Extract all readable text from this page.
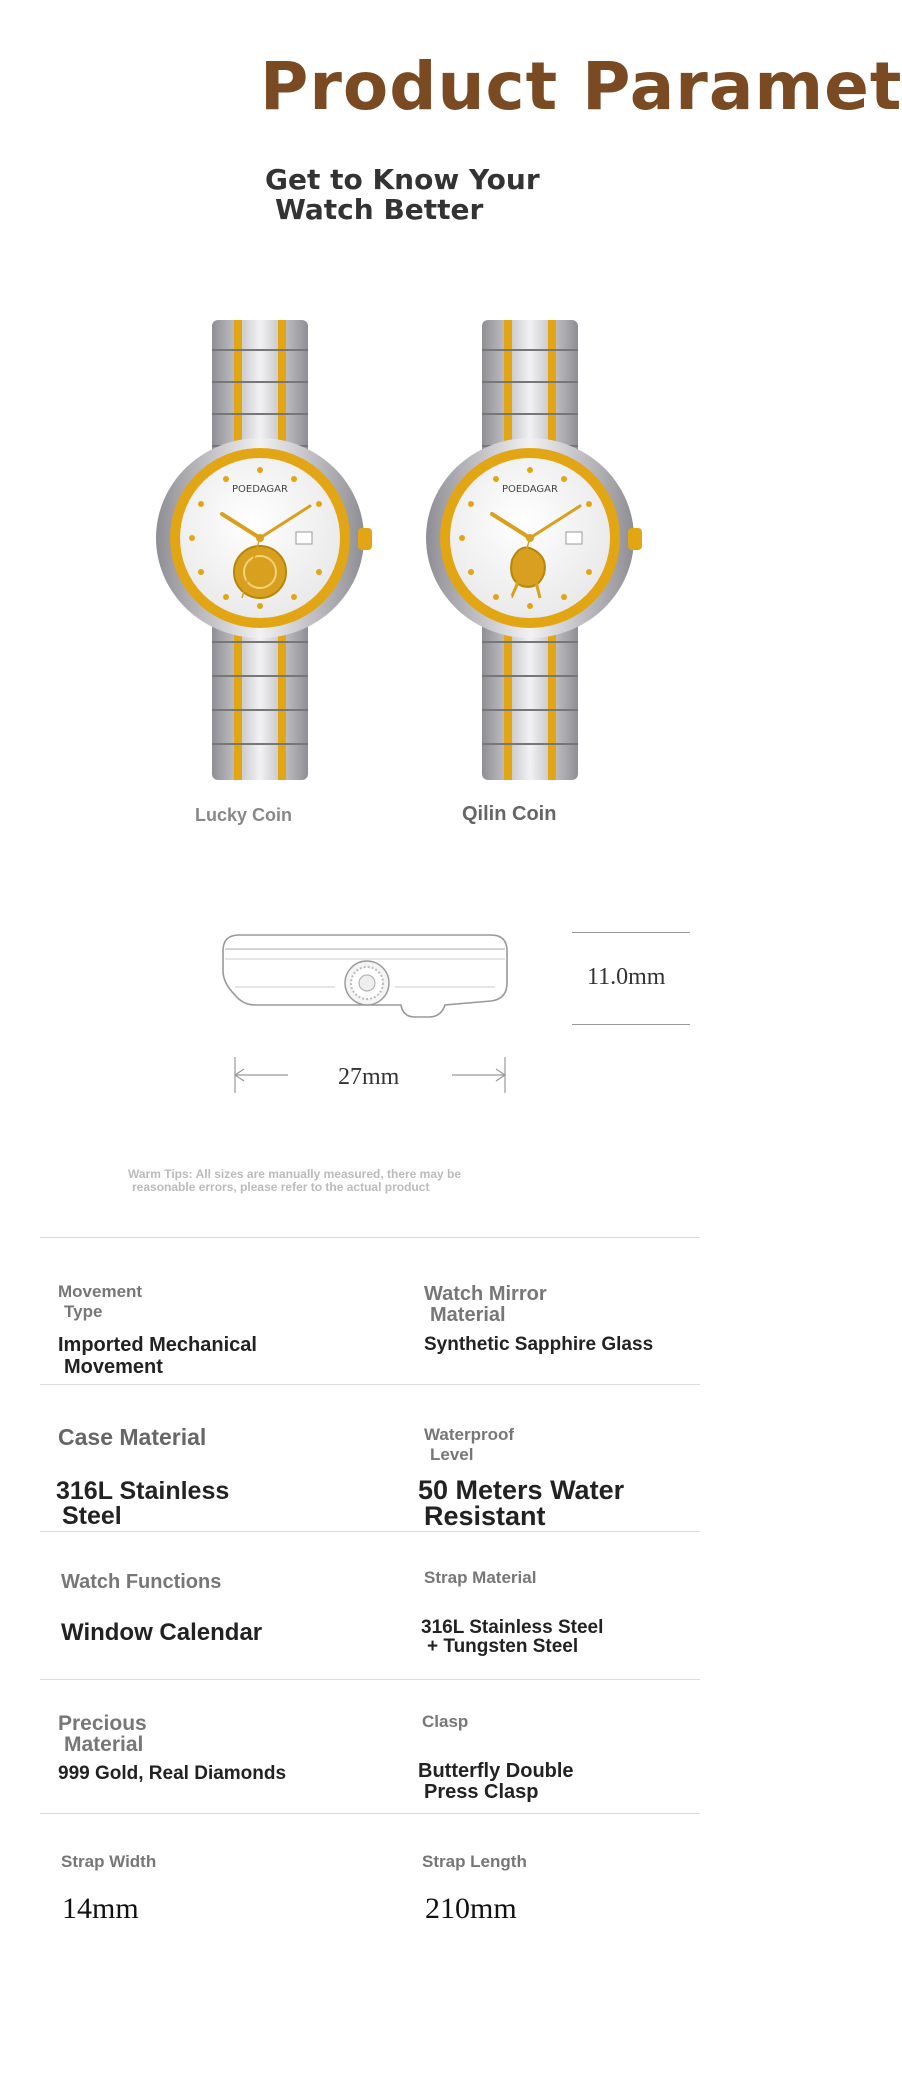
Product Paramet
Get to Know Your
Watch Better
POEDAGAR	POEDAGAR
Lucky Coin	Qilin Coin
11.0mm
27mm
Warm Tips: All sizes are manually measured, there may be
reasonable errors, please refer to the actual product
Movement
Type
Imported Mechanical
Movement
Watch Mirror
Material
Synthetic Sapphire Glass
Case Material
316L Stainless
Steel
Waterproof
Level
50 Meters Water
Resistant
Watch Functions
Window Calendar
Strap Material
316L Stainless Steel
+ Tungsten Steel
Precious
Material
999 Gold, Real Diamonds
Clasp
Butterfly Double
Press Clasp
Strap Width
14mm
Strap Length
210mm
